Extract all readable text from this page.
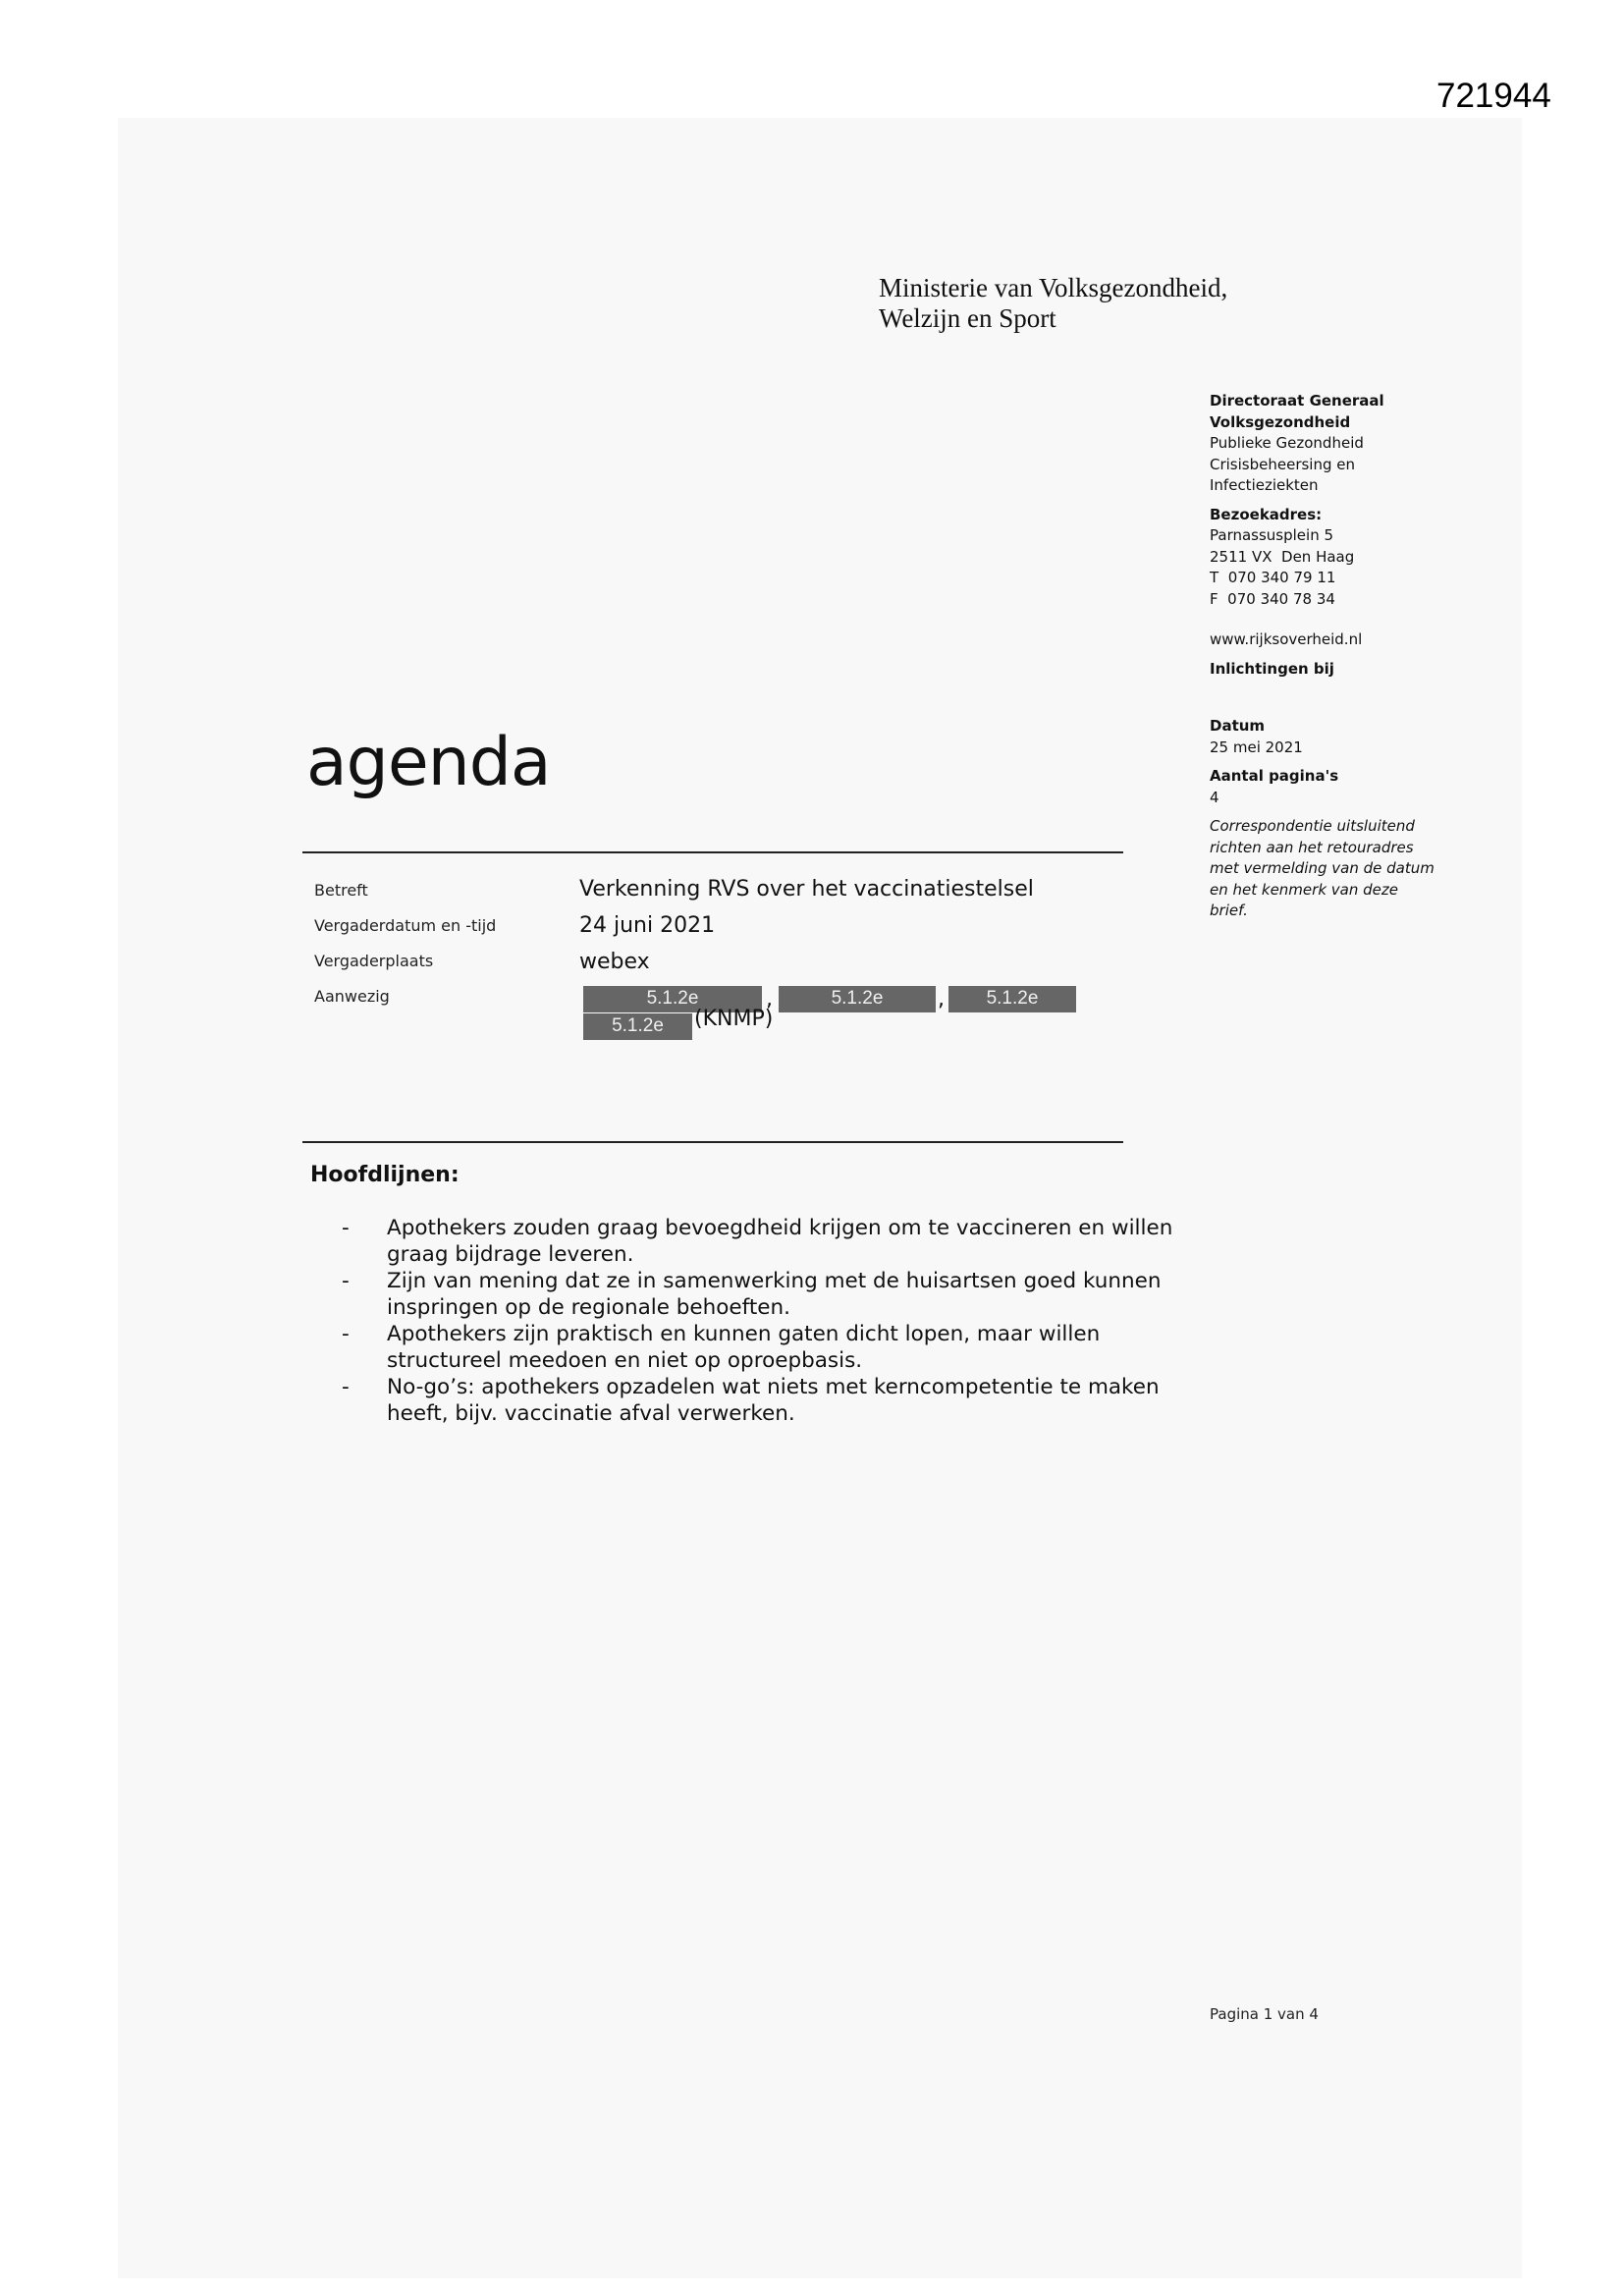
721944
Ministerie van Volksgezondheid,
Welzijn en Sport
Directoraat Generaal
Volksgezondheid
Publieke Gezondheid
Crisisbeheersing en
Infectieziekten
Bezoekadres:
Parnassusplein 5
2511 VX  Den Haag
T  070 340 79 11
F  070 340 78 34
www.rijksoverheid.nl
Inlichtingen bij
Datum
25 mei 2021
Aantal pagina's
4
Correspondentie uitsluitend
richten aan het retouradres
met vermelding van de datum
en het kenmerk van deze
brief.
agenda
Betreft	Verkenning RVS over het vaccinatiestelsel
Vergaderdatum en -tijd	24 juni 2021
Vergaderplaats	webex
Aanwezig	5.1.2e	,	5.1.2e	,	5.1.2e
5.1.2e	(KNMP)
Hoofdlijnen:
-	Apothekers zouden graag bevoegdheid krijgen om te vaccineren en willen
graag bijdrage leveren.
-	Zijn van mening dat ze in samenwerking met de huisartsen goed kunnen
inspringen op de regionale behoeften.
-	Apothekers zijn praktisch en kunnen gaten dicht lopen, maar willen
structureel meedoen en niet op oproepbasis.
-	No-go’s: apothekers opzadelen wat niets met kerncompetentie te maken
heeft, bijv. vaccinatie afval verwerken.
Pagina 1 van 4
